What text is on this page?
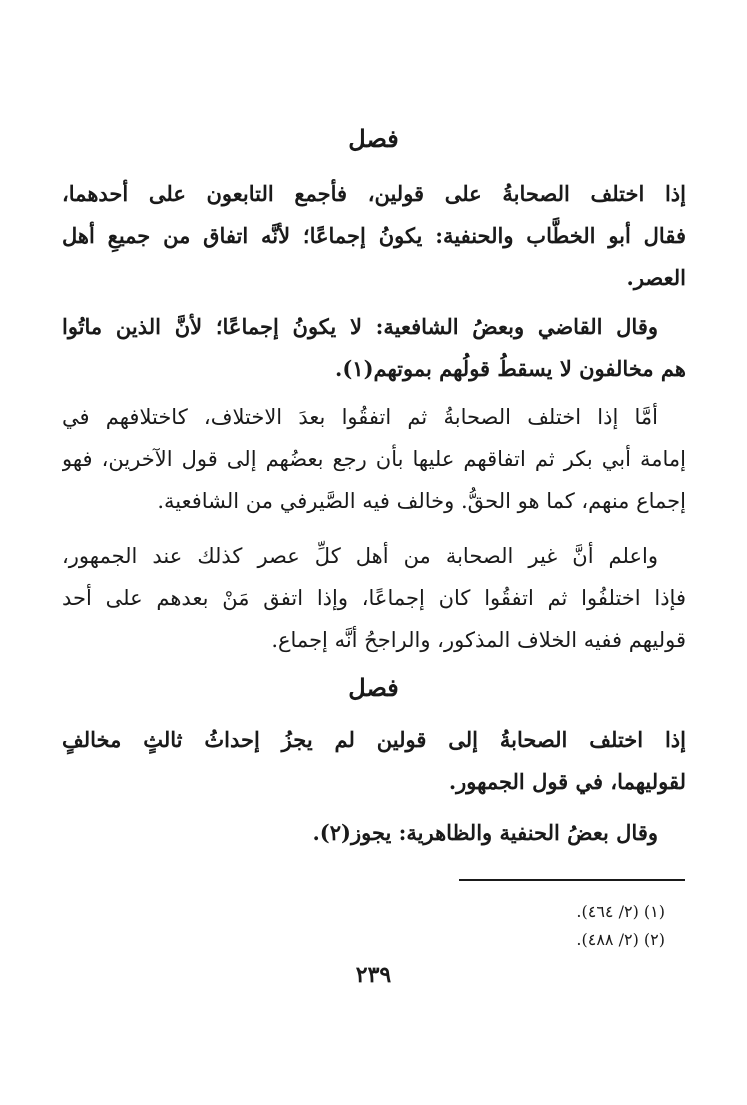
فصل
إذا اختلف الصحابةُ على قولين، فأجمع التابعون على أحدهما،
فقال أبو الخطَّاب والحنفية: يكونُ إجماعًا؛ لأنَّه اتفاق من جميعِ أهل
العصر.
وقال القاضي وبعضُ الشافعية: لا يكونُ إجماعًا؛ لأنَّ الذين ماتُوا
هم مخالفون لا يسقطُ قولُهم بموتهم(١).
أمَّا إذا اختلف الصحابةُ ثم اتفقُوا بعدَ الاختلاف، كاختلافهم في
إمامة أبي بكر ثم اتفاقهم عليها بأن رجع بعضُهم إلى قول الآخرين، فهو
إجماع منهم، كما هو الحقُّ. وخالف فيه الصَّيرفي من الشافعية.
واعلم أنَّ غير الصحابة من أهل كلِّ عصر كذلك عند الجمهور،
فإذا اختلفُوا ثم اتفقُوا كان إجماعًا، وإذا اتفق مَنْ بعدهم على أحد
قوليهم ففيه الخلاف المذكور، والراجحُ أنَّه إجماع.
فصل
إذا اختلف الصحابةُ إلى قولين لم يجزُ إحداثُ ثالثٍ مخالفٍ
لقوليهما، في قول الجمهور.
وقال بعضُ الحنفية والظاهرية: يجوز(٢).
(١) (٢/ ٤٦٤).
(٢) (٢/ ٤٨٨).
٢٣٩
